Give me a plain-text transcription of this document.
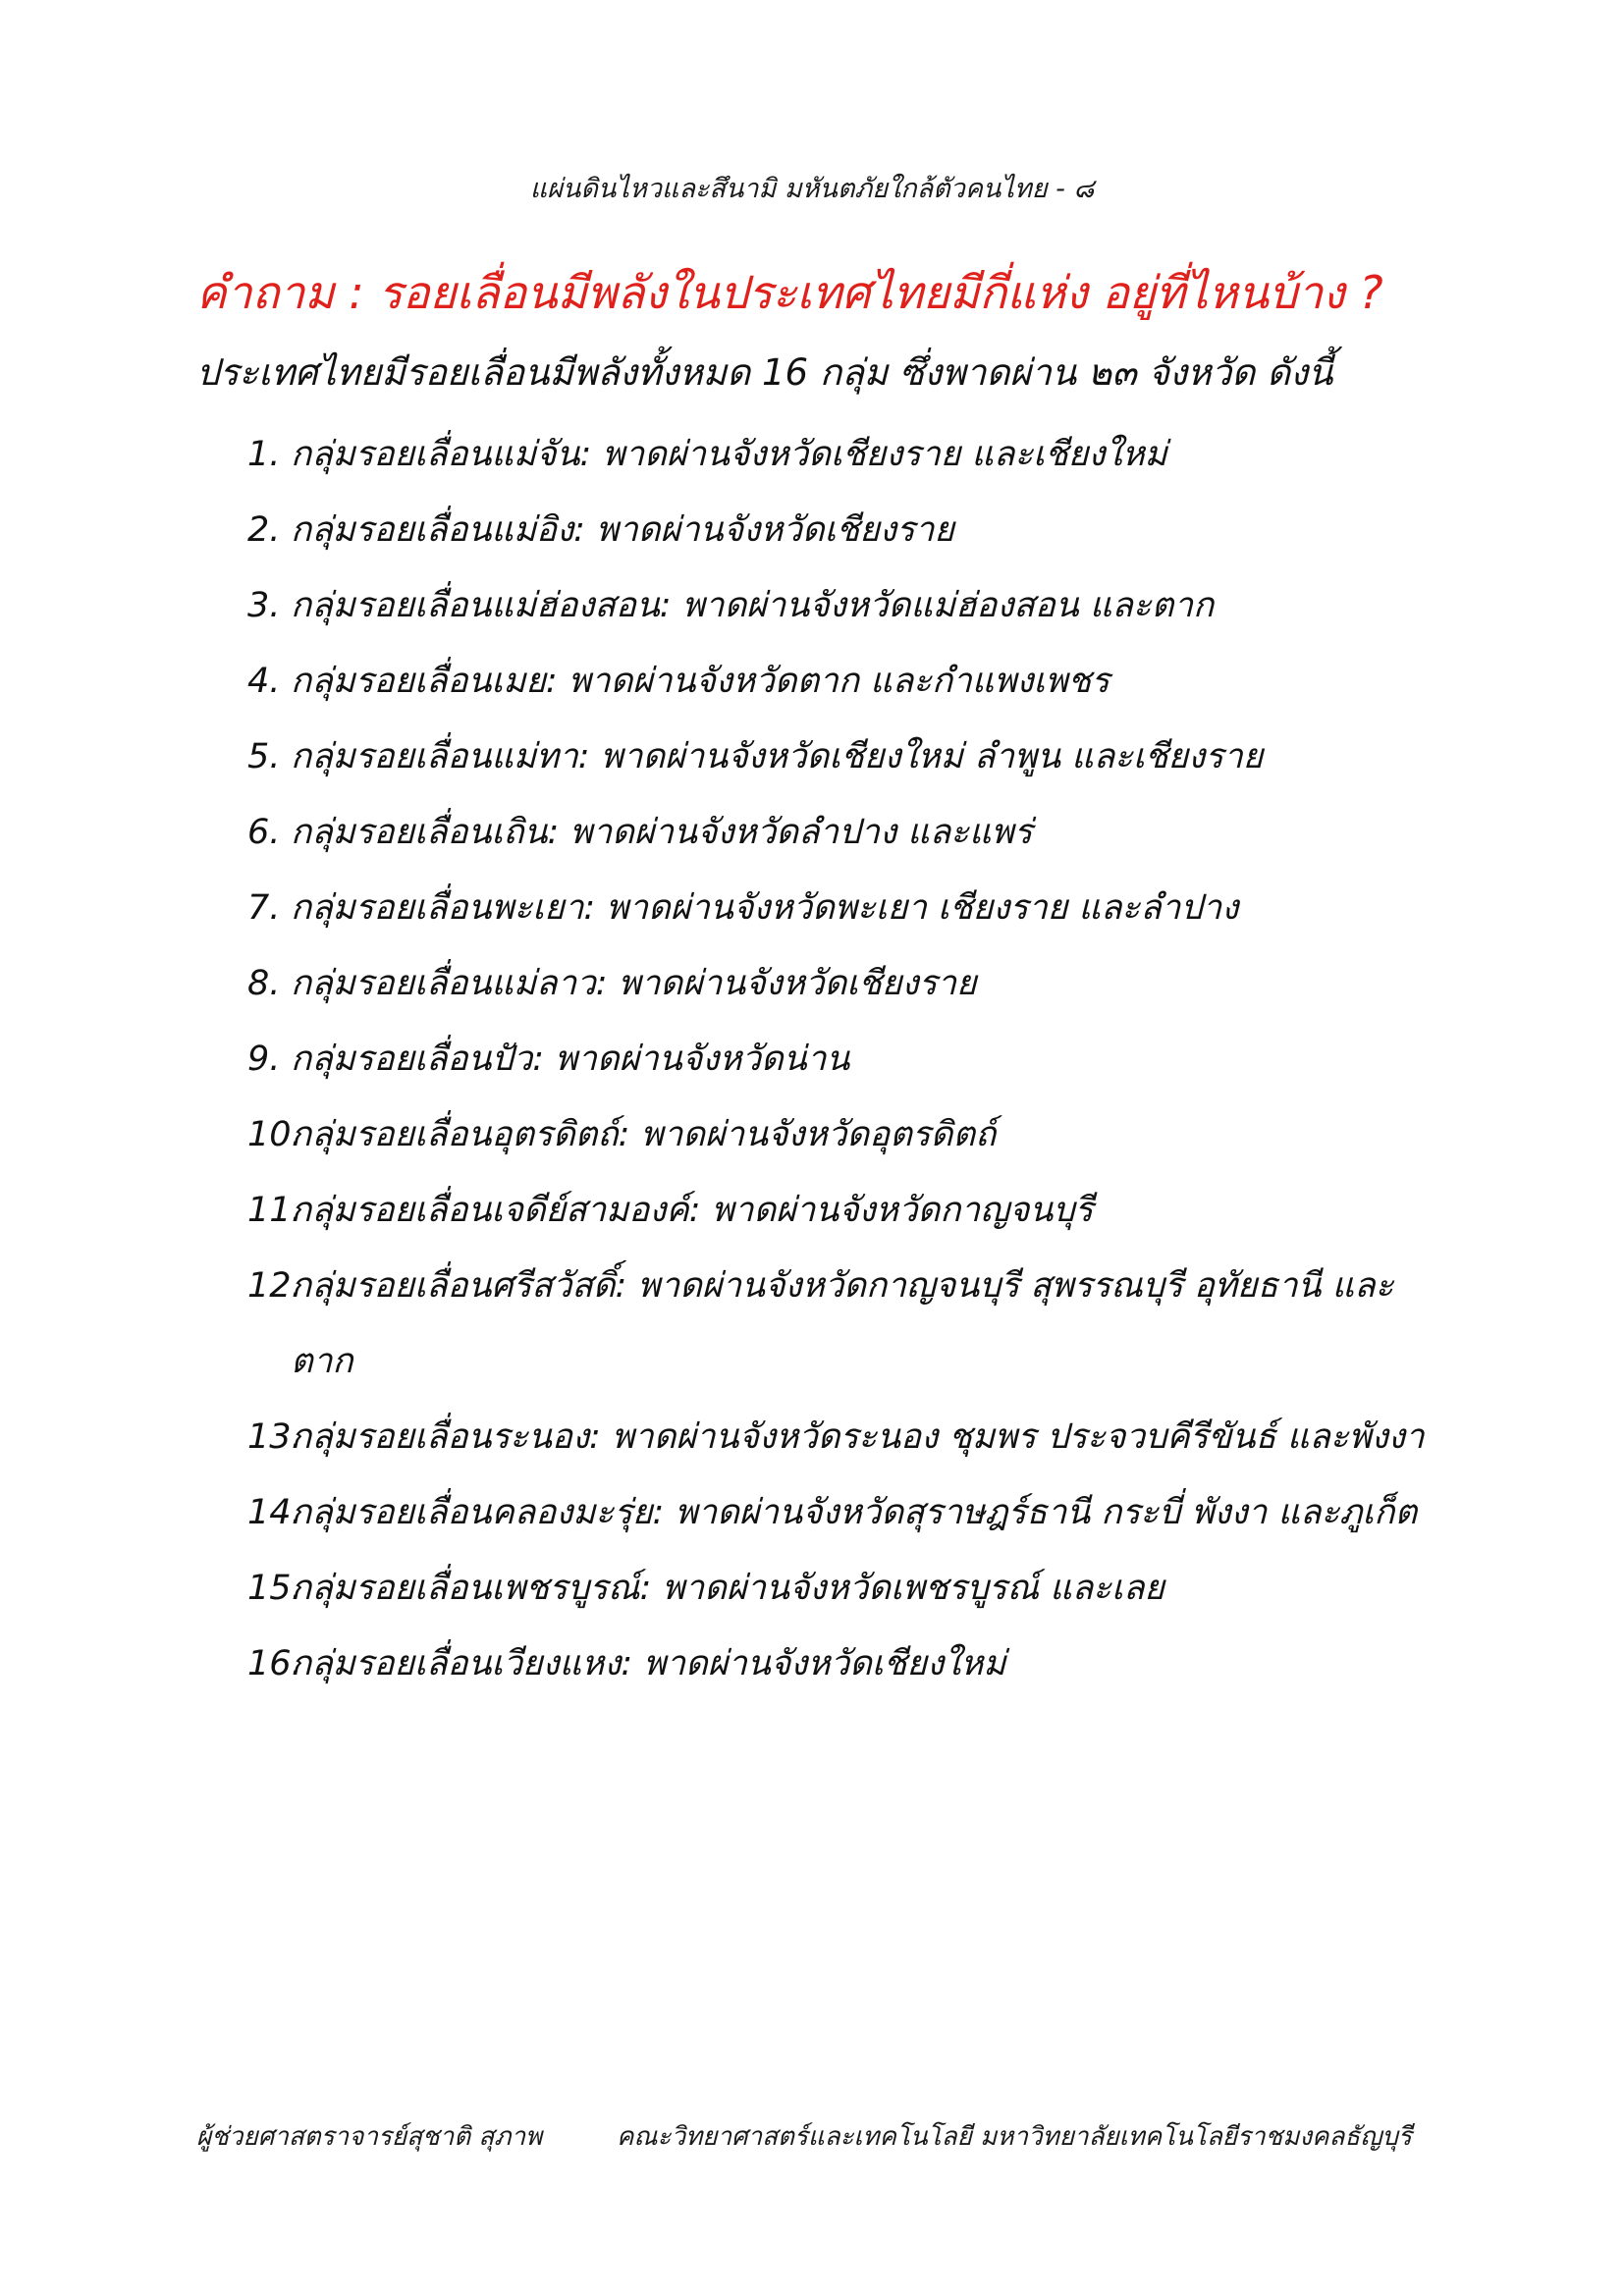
แผ่นดินไหวและสึนามิ มหันตภัยใกล้ตัวคนไทย - ๘
คำถาม : รอยเลื่อนมีพลังในประเทศไทยมีกี่แห่ง อยู่ที่ไหนบ้าง ?
ประเทศไทยมีรอยเลื่อนมีพลังทั้งหมด 16 กลุ่ม ซึ่งพาดผ่าน ๒๓ จังหวัด ดังนี้
1. กลุ่มรอยเลื่อนแม่จัน: พาดผ่านจังหวัดเชียงราย และเชียงใหม่
2. กลุ่มรอยเลื่อนแม่อิง: พาดผ่านจังหวัดเชียงราย
3. กลุ่มรอยเลื่อนแม่ฮ่องสอน: พาดผ่านจังหวัดแม่ฮ่องสอน และตาก
4. กลุ่มรอยเลื่อนเมย: พาดผ่านจังหวัดตาก และกำแพงเพชร
5. กลุ่มรอยเลื่อนแม่ทา: พาดผ่านจังหวัดเชียงใหม่ ลำพูน และเชียงราย
6. กลุ่มรอยเลื่อนเถิน: พาดผ่านจังหวัดลำปาง และแพร่
7. กลุ่มรอยเลื่อนพะเยา: พาดผ่านจังหวัดพะเยา เชียงราย และลำปาง
8. กลุ่มรอยเลื่อนแม่ลาว: พาดผ่านจังหวัดเชียงราย
9. กลุ่มรอยเลื่อนปัว: พาดผ่านจังหวัดน่าน
10.
กลุ่มรอยเลื่อนอุตรดิตถ์: พาดผ่านจังหวัดอุตรดิตถ์
11.
กลุ่มรอยเลื่อนเจดีย์สามองค์: พาดผ่านจังหวัดกาญจนบุรี
12.
กลุ่มรอยเลื่อนศรีสวัสดิ์: พาดผ่านจังหวัดกาญจนบุรี สุพรรณบุรี อุทัยธานี และตาก
13.
กลุ่มรอยเลื่อนระนอง: พาดผ่านจังหวัดระนอง ชุมพร ประจวบคีรีขันธ์ และพังงา
14.
กลุ่มรอยเลื่อนคลองมะรุ่ย: พาดผ่านจังหวัดสุราษฎร์ธานี กระบี่ พังงา และภูเก็ต
15.
กลุ่มรอยเลื่อนเพชรบูรณ์: พาดผ่านจังหวัดเพชรบูรณ์ และเลย
16.
กลุ่มรอยเลื่อนเวียงแหง: พาดผ่านจังหวัดเชียงใหม่
ผู้ช่วยศาสตราจารย์สุชาติ สุภาพ	คณะวิทยาศาสตร์และเทคโนโลยี มหาวิทยาลัยเทคโนโลยีราชมงคลธัญบุรี
